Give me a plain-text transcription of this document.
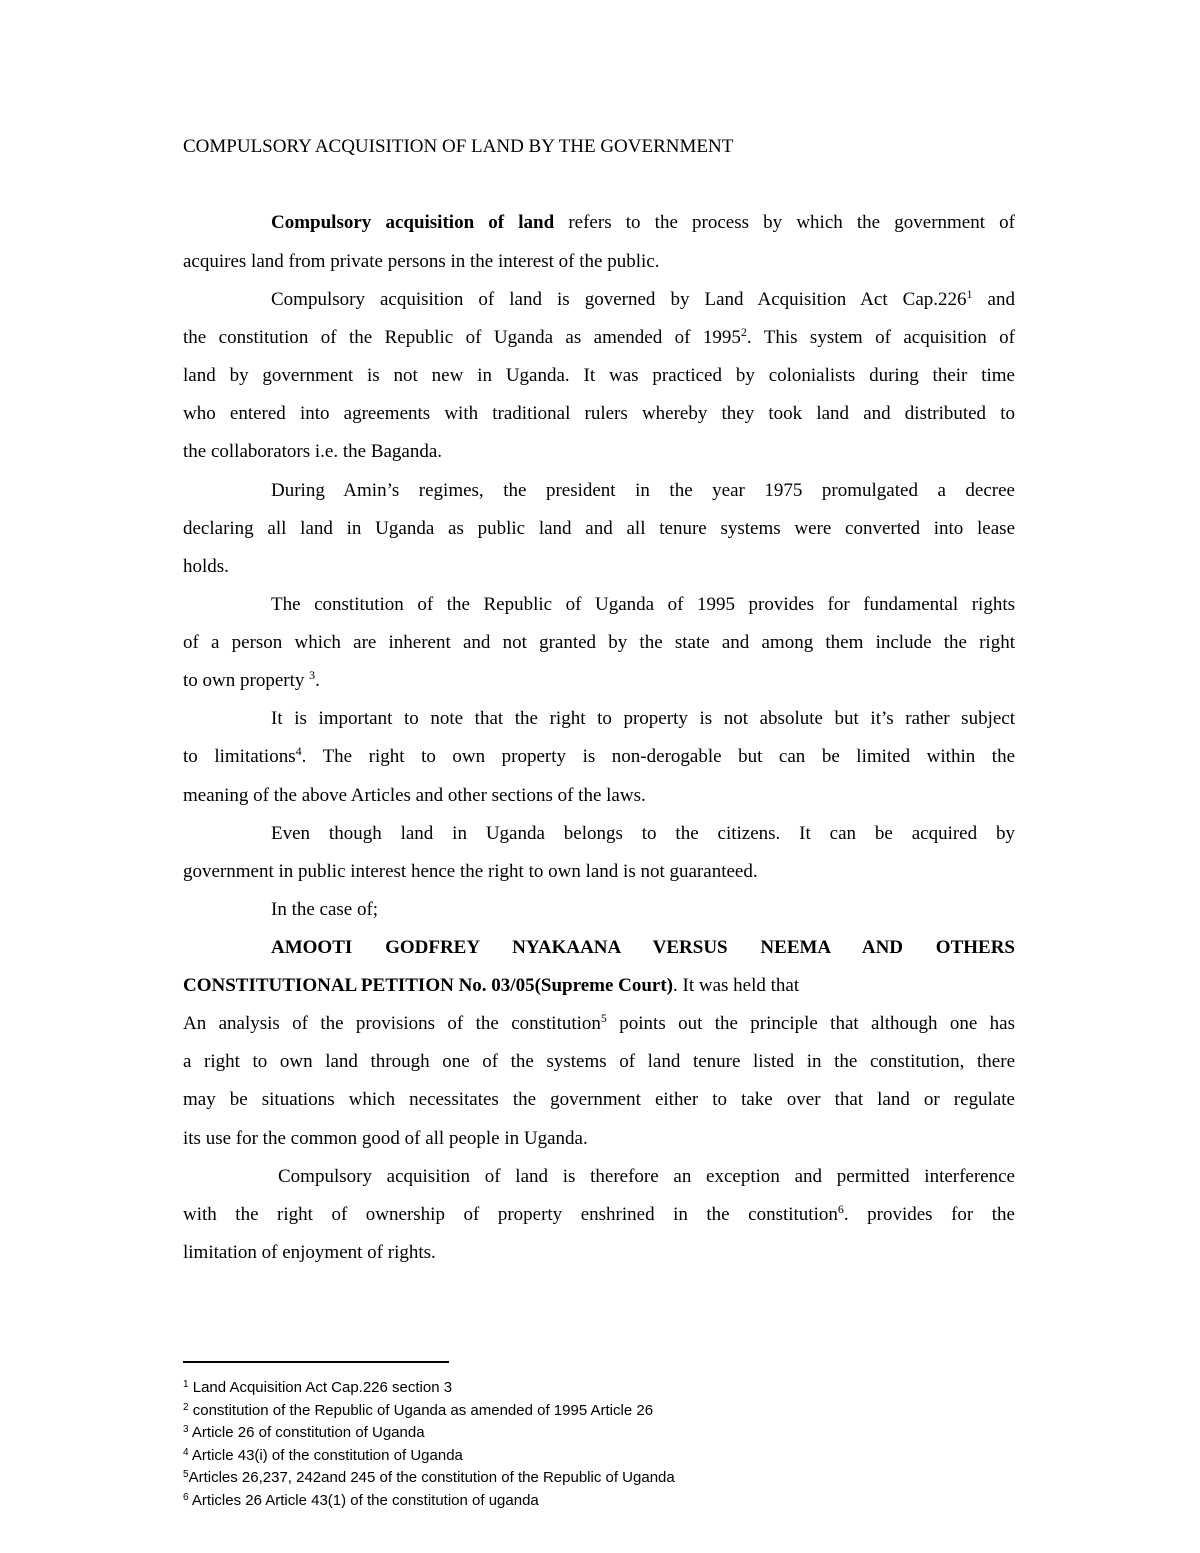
COMPULSORY ACQUISITION OF LAND BY THE GOVERNMENT
Compulsory acquisition of land refers to the process by which the government of
acquires land from private persons in the interest of the public.
Compulsory acquisition of land is governed by Land Acquisition Act Cap.226$^1$ and
the constitution of the Republic of Uganda as amended of 1995$^2$. This system of acquisition of
land by government is not new in Uganda. It was practiced by colonialists during their time
who entered into agreements with traditional rulers whereby they took land and distributed to
the collaborators i.e. the Baganda.
During Amin’s regimes, the president in the year 1975 promulgated a decree
declaring all land in Uganda as public land and all tenure systems were converted into lease
holds.
The constitution of the Republic of Uganda of 1995 provides for fundamental rights
of a person which are inherent and not granted by the state and among them include the right
to own property $^3$.
It is important to note that the right to property is not absolute but it’s rather subject
to limitations$^4$. The right to own property is non-derogable but can be limited within the
meaning of the above Articles and other sections of the laws.
Even though land in Uganda belongs to the citizens. It can be acquired by
government in public interest hence the right to own land is not guaranteed.
In the case of;
AMOOTI GODFREY NYAKAANA VERSUS NEEMA AND OTHERS
CONSTITUTIONAL PETITION No. 03/05(Supreme Court). It was held that
An analysis of the provisions of the constitution$^5$ points out the principle that although one has
a right to own land through one of the systems of land tenure listed in the constitution, there
may be situations which necessitates the government either to take over that land or regulate
its use for the common good of all people in Uganda.
Compulsory acquisition of land is therefore an exception and permitted interference
with the right of ownership of property enshrined in the constitution$^6$. provides for the
limitation of enjoyment of rights.
$^1$ Land Acquisition Act Cap.226 section 3
$^2$ constitution of the Republic of Uganda as amended of 1995 Article 26
$^3$ Article 26 of constitution of Uganda
$^4$ Article 43(i) of the constitution of Uganda
$^5$Articles 26,237, 242and 245 of the constitution of the Republic of Uganda
$^6$ Articles 26 Article 43(1) of the constitution of uganda
